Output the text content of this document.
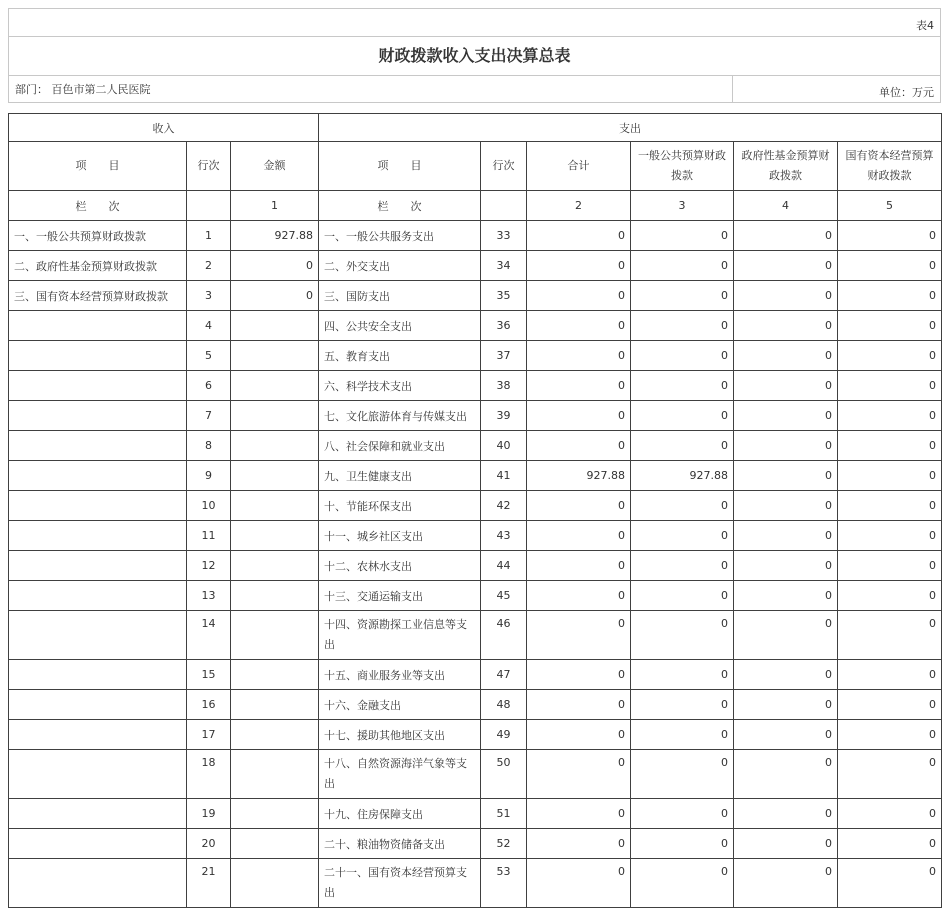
表4
财政拨款收入支出决算总表
部门： 百色市第二人民医院	单位：万元
收入			支出					
项　　目	行次	金额	项　　目	行次	合计	一般公共预算财政拨款	政府性基金预算财政拨款	国有资本经营预算财政拨款
栏　　次		1	栏　　次		2	3	4	5
一、一般公共预算财政拨款	1	927.88	一、一般公共服务支出	33	0	0	0	0
二、政府性基金预算财政拨款	2	0	二、外交支出	34	0	0	0	0
三、国有资本经营预算财政拨款	3	0	三、国防支出	35	0	0	0	0
	4		四、公共安全支出	36	0	0	0	0
	5		五、教育支出	37	0	0	0	0
	6		六、科学技术支出	38	0	0	0	0
	7		七、文化旅游体育与传媒支出	39	0	0	0	0
	8		八、社会保障和就业支出	40	0	0	0	0
	9		九、卫生健康支出	41	927.88	927.88	0	0
	10		十、节能环保支出	42	0	0	0	0
	11		十一、城乡社区支出	43	0	0	0	0
	12		十二、农林水支出	44	0	0	0	0
	13		十三、交通运输支出	45	0	0	0	0
	14		十四、资源勘探工业信息等支出	46	0	0	0	0
	15		十五、商业服务业等支出	47	0	0	0	0
	16		十六、金融支出	48	0	0	0	0
	17		十七、援助其他地区支出	49	0	0	0	0
	18		十八、自然资源海洋气象等支出	50	0	0	0	0
	19		十九、住房保障支出	51	0	0	0	0
	20		二十、粮油物资储备支出	52	0	0	0	0
	21		二十一、国有资本经营预算支出	53	0	0	0	0
